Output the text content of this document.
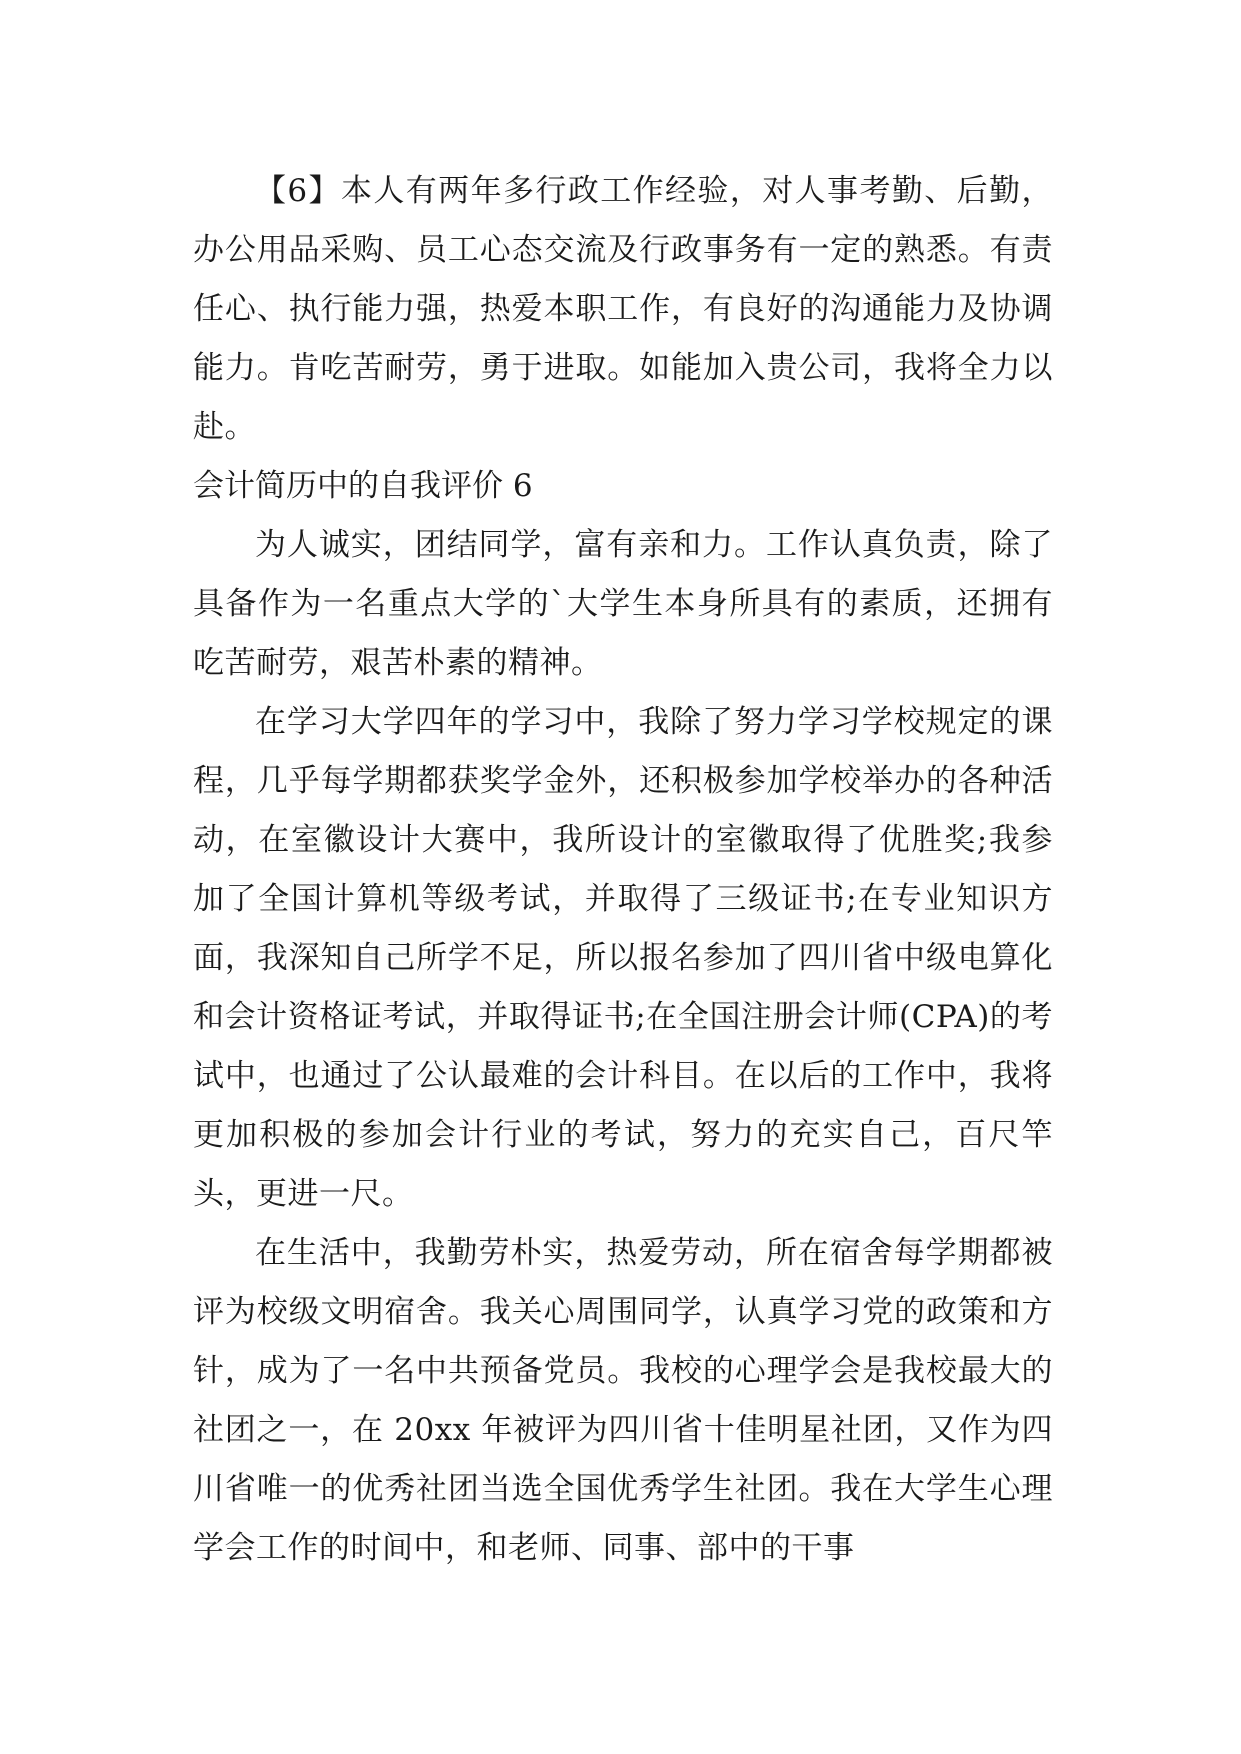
【6】本人有两年多行政工作经验，对人事考勤、后勤，办公用品采购、员工心态交流及行政事务有一定的熟悉。有责任心、执行能力强，热爱本职工作，有良好的沟通能力及协调能力。肯吃苦耐劳，勇于进取。如能加入贵公司，我将全力以赴。

会计简历中的自我评价 6

为人诚实，团结同学，富有亲和力。工作认真负责，除了具备作为一名重点大学的`大学生本身所具有的素质，还拥有吃苦耐劳，艰苦朴素的精神。

在学习大学四年的学习中，我除了努力学习学校规定的课程，几乎每学期都获奖学金外，还积极参加学校举办的各种活动，在室徽设计大赛中，我所设计的室徽取得了优胜奖;我参加了全国计算机等级考试，并取得了三级证书;在专业知识方面，我深知自己所学不足，所以报名参加了四川省中级电算化和会计资格证考试，并取得证书;在全国注册会计师(CPA)的考试中，也通过了公认最难的会计科目。在以后的工作中，我将更加积极的参加会计行业的考试，努力的充实自己，百尺竿头，更进一尺。

在生活中，我勤劳朴实，热爱劳动，所在宿舍每学期都被评为校级文明宿舍。我关心周围同学，认真学习党的政策和方针，成为了一名中共预备党员。我校的心理学会是我校最大的社团之一，在 20xx 年被评为四川省十佳明星社团，又作为四川省唯一的优秀社团当选全国优秀学生社团。我在大学生心理学会工作的时间中，和老师、同事、部中的干事
